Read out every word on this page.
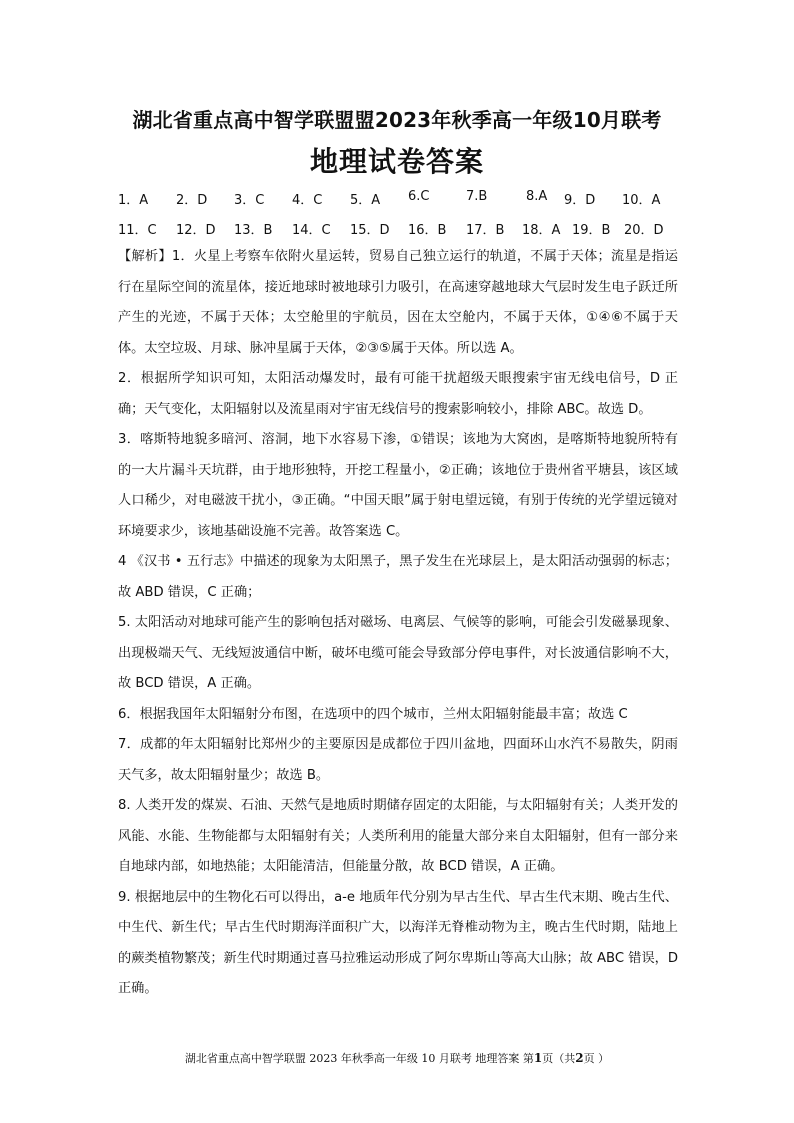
湖北省重点高中智学联盟盟2023年秋季高一年级10月联考
地理试卷答案
1．A 2．D 3．C 4．C 5．A 6.C	7.B	8.A 9．D 10．A
11．C 12．D 13．B 14．C 15．D 16．B 17．B 18．A 19．B 20．D

【解析】1．火星上考察车依附火星运转，贸易自己独立运行的轨道，不属于天体；流星是指运行在星际空间的流星体，接近地球时被地球引力吸引，在高速穿越地球大气层时发生电子跃迁所产生的光迹，不属于天体；太空舱里的宇航员，因在太空舱内，不属于天体，①④⑥不属于天体。太空垃圾、月球、脉冲星属于天体，②③⑤属于天体。所以选 A。

2．根据所学知识可知，太阳活动爆发时，最有可能干扰超级天眼搜索宇宙无线电信号，D 正确；天气变化，太阳辐射以及流星雨对宇宙无线信号的搜索影响较小，排除 ABC。故选 D。

3．喀斯特地貌多暗河、溶洞，地下水容易下渗，①错误；该地为大窝凼，是喀斯特地貌所特有的一大片漏斗天坑群，由于地形独特，开挖工程量小，②正确；该地位于贵州省平塘县，该区域人口稀少，对电磁波干扰小，③正确。“中国天眼”属于射电望远镜，有别于传统的光学望远镜对环境要求少，该地基础设施不完善。故答案选 C。

4 《汉书 • 五行志》中描述的现象为太阳黑子，黑子发生在光球层上，是太阳活动强弱的标志；故 ABD 错误，C 正确；

5. 太阳活动对地球可能产生的影响包括对磁场、电离层、气候等的影响，可能会引发磁暴现象、出现极端天气、无线短波通信中断，破坏电缆可能会导致部分停电事件，对长波通信影响不大，故 BCD 错误，A 正确。

6．根据我国年太阳辐射分布图，在选项中的四个城市，兰州太阳辐射能最丰富；故选 C

7．成都的年太阳辐射比郑州少的主要原因是成都位于四川盆地，四面环山水汽不易散失，阴雨天气多，故太阳辐射量少；故选 B。

8. 人类开发的煤炭、石油、天然气是地质时期储存固定的太阳能，与太阳辐射有关；人类开发的风能、水能、生物能都与太阳辐射有关；人类所利用的能量大部分来自太阳辐射，但有一部分来自地球内部，如地热能；太阳能清洁，但能量分散，故 BCD 错误，A 正确。

9. 根据地层中的生物化石可以得出，a-e 地质年代分别为早古生代、早古生代末期、晚古生代、中生代、新生代；早古生代时期海洋面积广大，以海洋无脊椎动物为主，晚古生代时期，陆地上的蕨类植物繁茂；新生代时期通过喜马拉雅运动形成了阿尔卑斯山等高大山脉；故 ABC 错误，D 正确。

湖北省重点高中智学联盟 2023 年秋季高一年级 10 月联考 地理答案 第1页（共2页 ）
